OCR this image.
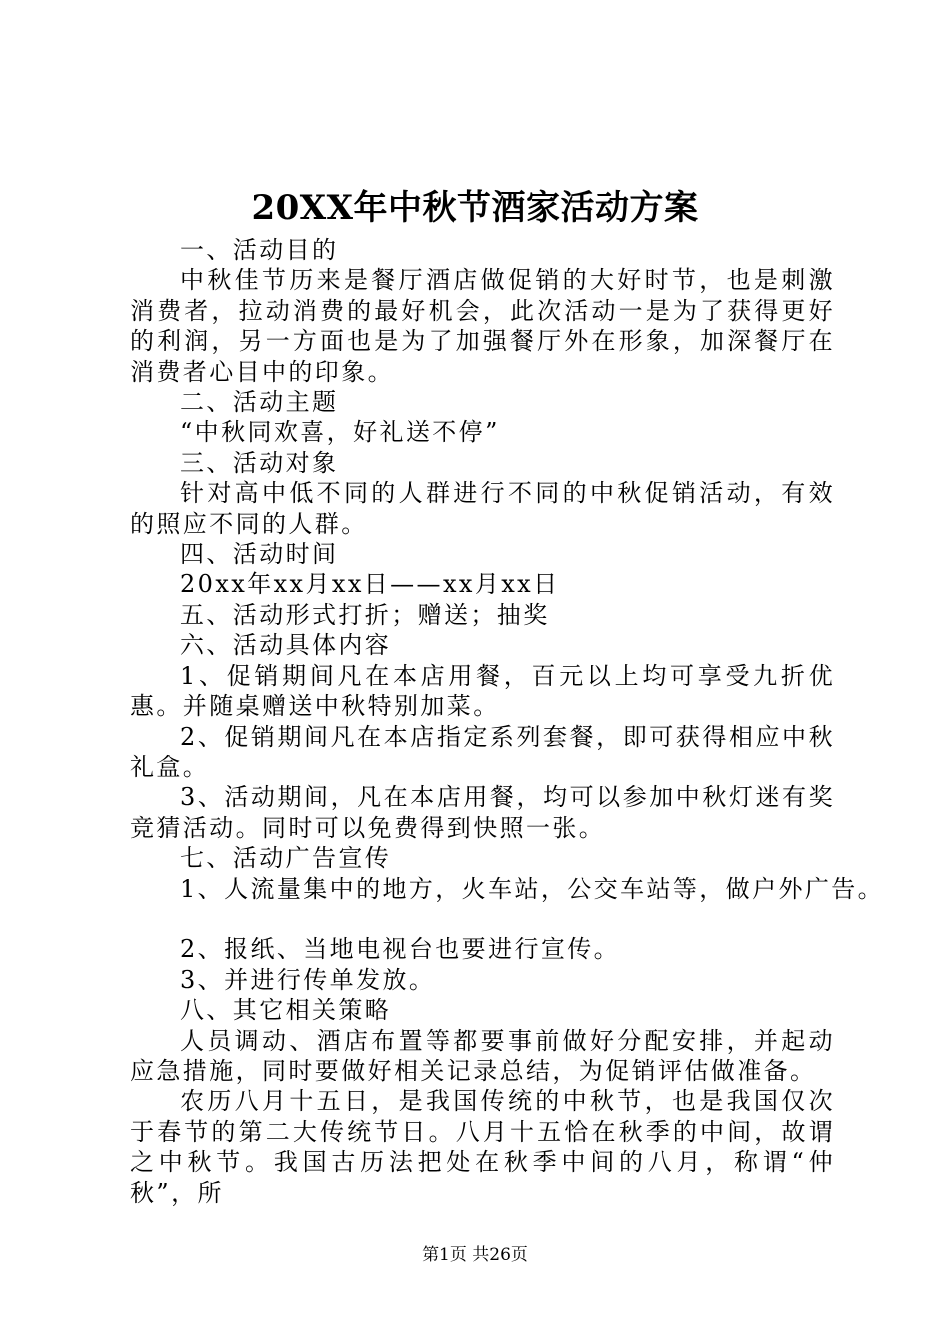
20XX年中秋节酒家活动方案

一、活动目的

中秋佳节历来是餐厅酒店做促销的大好时节，也是刺激消费者，拉动消费的最好机会，此次活动一是为了获得更好的利润，另一方面也是为了加强餐厅外在形象，加深餐厅在消费者心目中的印象。

二、活动主题

“中秋同欢喜，好礼送不停”

三、活动对象

针对高中低不同的人群进行不同的中秋促销活动，有效的照应不同的人群。

四、活动时间

20xx年xx月xx日——xx月xx日

五、活动形式打折；赠送；抽奖

六、活动具体内容

1、促销期间凡在本店用餐，百元以上均可享受九折优惠。并随桌赠送中秋特别加菜。

2、促销期间凡在本店指定系列套餐，即可获得相应中秋礼盒。

3、活动期间，凡在本店用餐，均可以参加中秋灯迷有奖竞猜活动。同时可以免费得到快照一张。

七、活动广告宣传

1、人流量集中的地方，火车站，公交车站等，做户外广告。

2、报纸、当地电视台也要进行宣传。

3、并进行传单发放。

八、其它相关策略

人员调动、酒店布置等都要事前做好分配安排，并起动应急措施，同时要做好相关记录总结，为促销评估做准备。

农历八月十五日，是我国传统的中秋节，也是我国仅次于春节的第二大传统节日。八月十五恰在秋季的中间，故谓之中秋节。我国古历法把处在秋季中间的八月，称谓“仲秋”，所

第1页 共26页
